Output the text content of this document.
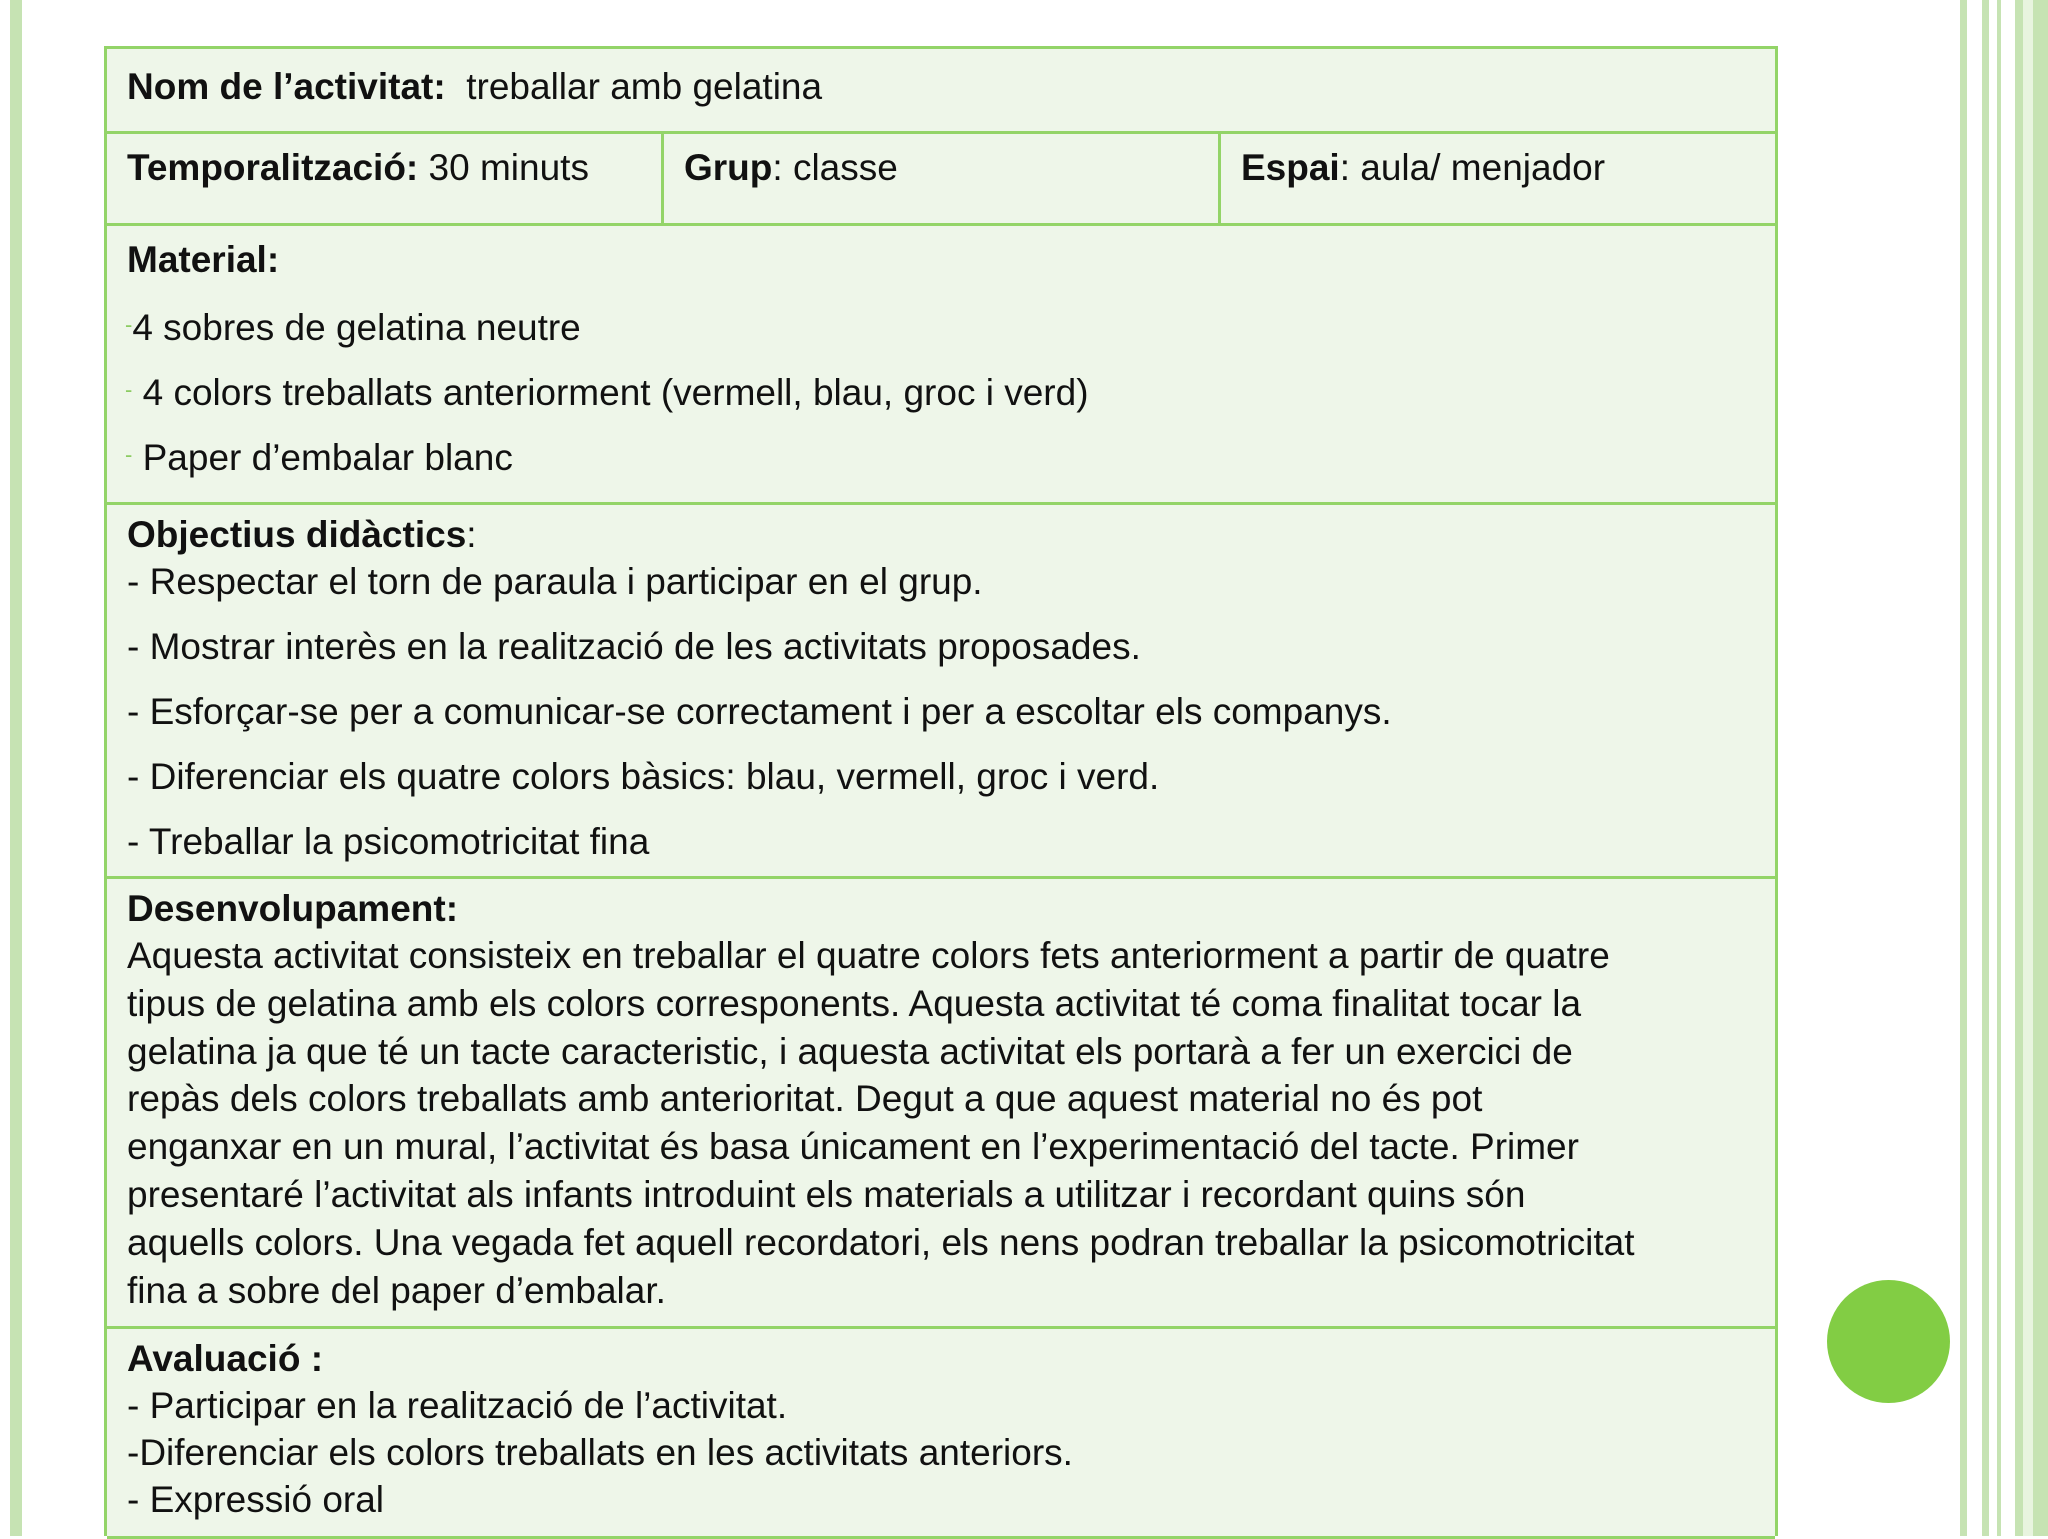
Nom de l’activitat: treballar amb gelatina
Temporalització: 30 minuts	Grup: classe	Espai: aula/ menjador
Material:
-4 sobres de gelatina neutre
- 4 colors treballats anteriorment (vermell, blau, groc i verd)
- Paper d’embalar blanc
Objectius didàctics:
- Respectar el torn de paraula i participar en el grup.
- Mostrar interès en la realització de les activitats proposades.
- Esforçar-se per a comunicar-se correctament i per a escoltar els companys.
- Diferenciar els quatre colors bàsics: blau, vermell, groc i verd.
- Treballar la psicomotricitat fina
Desenvolupament:
Aquesta activitat consisteix en treballar el quatre colors fets anteriorment a partir de quatre
tipus de gelatina amb els colors corresponents. Aquesta activitat té coma finalitat tocar la
gelatina ja que té un tacte caracteristic, i aquesta activitat els portarà a fer un exercici de
repàs dels colors treballats amb anterioritat. Degut a que aquest material no és pot
enganxar en un mural, l’activitat és basa únicament en l’experimentació del tacte. Primer
presentaré l’activitat als infants introduint els materials a utilitzar i recordant quins són
aquells colors. Una vegada fet aquell recordatori, els nens podran treballar la psicomotricitat
fina a sobre del paper d’embalar.
Avaluació :
- Participar en la realització de l’activitat.
-Diferenciar els colors treballats en les activitats anteriors.
- Expressió oral
